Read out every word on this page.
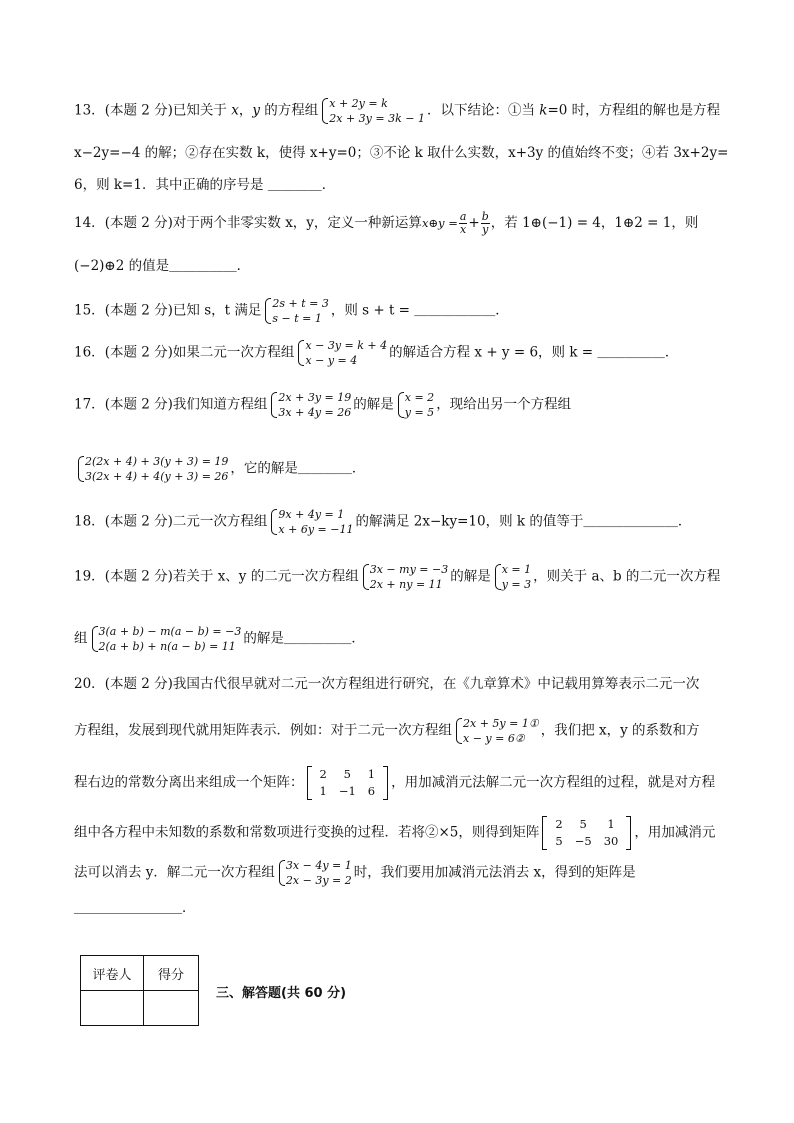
13．(本题 2 分)已知关于 x，y 的方程组 x + 2y = k
2x + 3y = 3k − 1 ．以下结论：①当 k=0 时，方程组的解也是方程
x−2y=−4 的解；②存在实数 k，使得 x+y=0；③不论 k 取什么实数，x+3y 的值始终不变；④若 3x+2y=
6，则 k=1．其中正确的序号是 ＿＿＿＿．
14．(本题 2 分)对于两个非零实数 x，y，定义一种新运算x⊕y = $\frac{a}{x} + \frac{b}{y}$ ，若 1⊕(−1) = 4，1⊕2 = 1，则
(−2)⊕2 的值是＿＿＿＿＿．
15．(本题 2 分)已知 s，t 满足 2s + t = 3
s − t = 1 ，则 s + t = ＿＿＿＿＿＿．
16．(本题 2 分)如果二元一次方程组 x − 3y = k + 4
x − y = 4	的解适合方程 x + y = 6，则 k = ＿＿＿＿＿．
17．(本题 2 分)我们知道方程组 2x + 3y = 19
3x + 4y = 26 的解是 x = 2
y = 5 ，现给出另一个方程组
2(2x + 4) + 3(y + 3) = 19
3(2x + 4) + 4(y + 3) = 26 ，它的解是＿＿＿＿．
18．(本题 2 分)二元一次方程组 9x + 4y = 1
x + 6y = −11 的解满足 2x−ky=10，则 k 的值等于＿＿＿＿＿＿＿．
19．(本题 2 分)若关于 x、y 的二元一次方程组 3x − my = −3
2x + ny = 11 的解是 x = 1
y = 3 ，则关于 a、b 的二元一次方程
组 3(a + b) − m(a − b) = −3
2(a + b) + n(a − b) = 11 的解是＿＿＿＿＿．
20．(本题 2 分)我国古代很早就对二元一次方程组进行研究，在《九章算术》中记载用算筹表示二元一次
方程组，发展到现代就用矩阵表示．例如：对于二元一次方程组 2x + 5y = 1①
x − y = 6②	，我们把 x，y 的系数和方
程右边的常数分离出来组成一个矩阵：
2	5	1
1	−1	6
，用加减消元法解二元一次方程组的过程，就是对方程
组中各方程中未知数的系数和常数项进行变换的过程．若将②×5，则得到矩阵
2	5	1
5	−5	30
，用加减消元
法可以消去 y．解二元一次方程组 3x − 4y = 1
2x − 3y = 2 时，我们要用加减消元法消去 x，得到的矩阵是
＿＿＿＿＿＿＿＿．
评卷人	得分

三、解答题(共 60 分)
